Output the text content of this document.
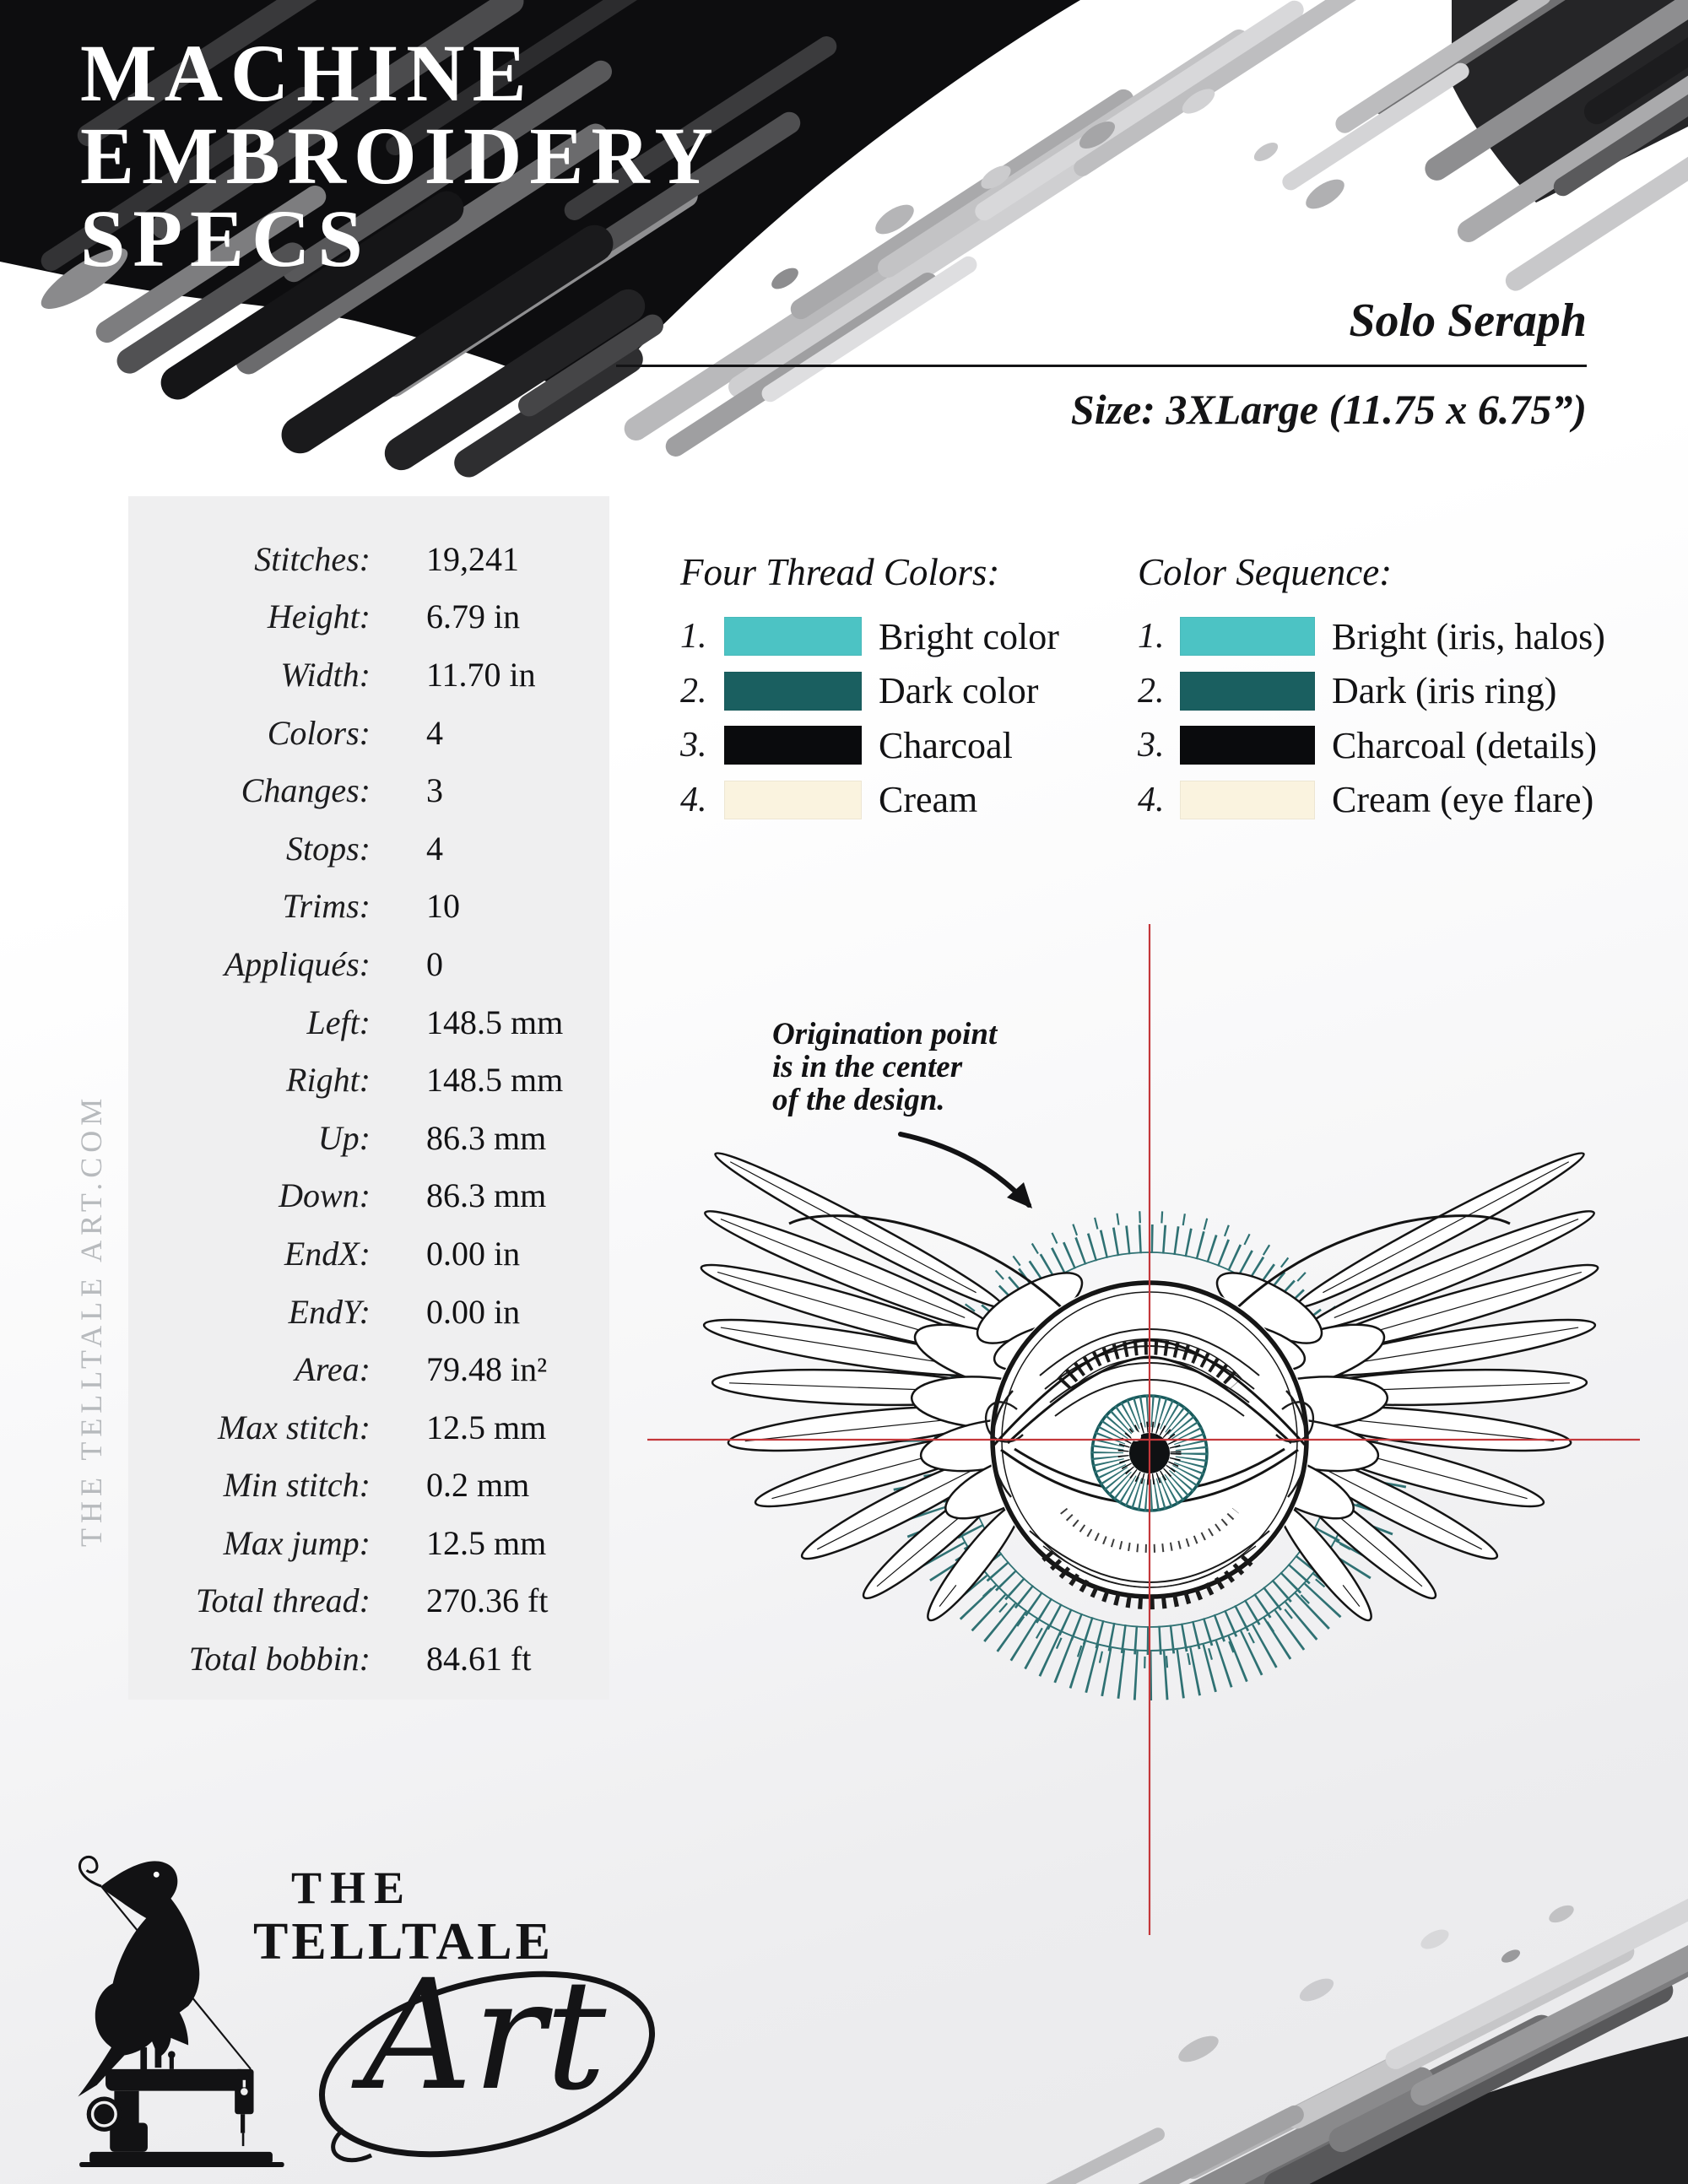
MACHINE
EMBROIDERY
SPECS
Solo Seraph
Size: 3XLarge (11.75 x 6.75”)
Stitches: 19,241
Height: 6.79 in
Width: 11.70 in
Colors: 4
Changes: 3
Stops: 4
Trims: 10
Appliqués: 0
Left: 148.5 mm
Right: 148.5 mm
Up: 86.3 mm
Down: 86.3 mm
EndX: 0.00 in
EndY: 0.00 in
Area: 79.48 in²
Max stitch: 12.5 mm
Min stitch: 0.2 mm
Max jump: 12.5 mm
Total thread: 270.36 ft
Total bobbin: 84.61 ft
Four Thread Colors:
1.	Bright color
2.	Dark color
3.	Charcoal
4.	Cream
Color Sequence:
1.	Bright (iris, halos)
2.	Dark (iris ring)
3.	Charcoal (details)
4.	Cream (eye flare)
Origination point
is in the center
of the design.
THE TELLTALE ART.COM
THE
TELLTALE
Art
